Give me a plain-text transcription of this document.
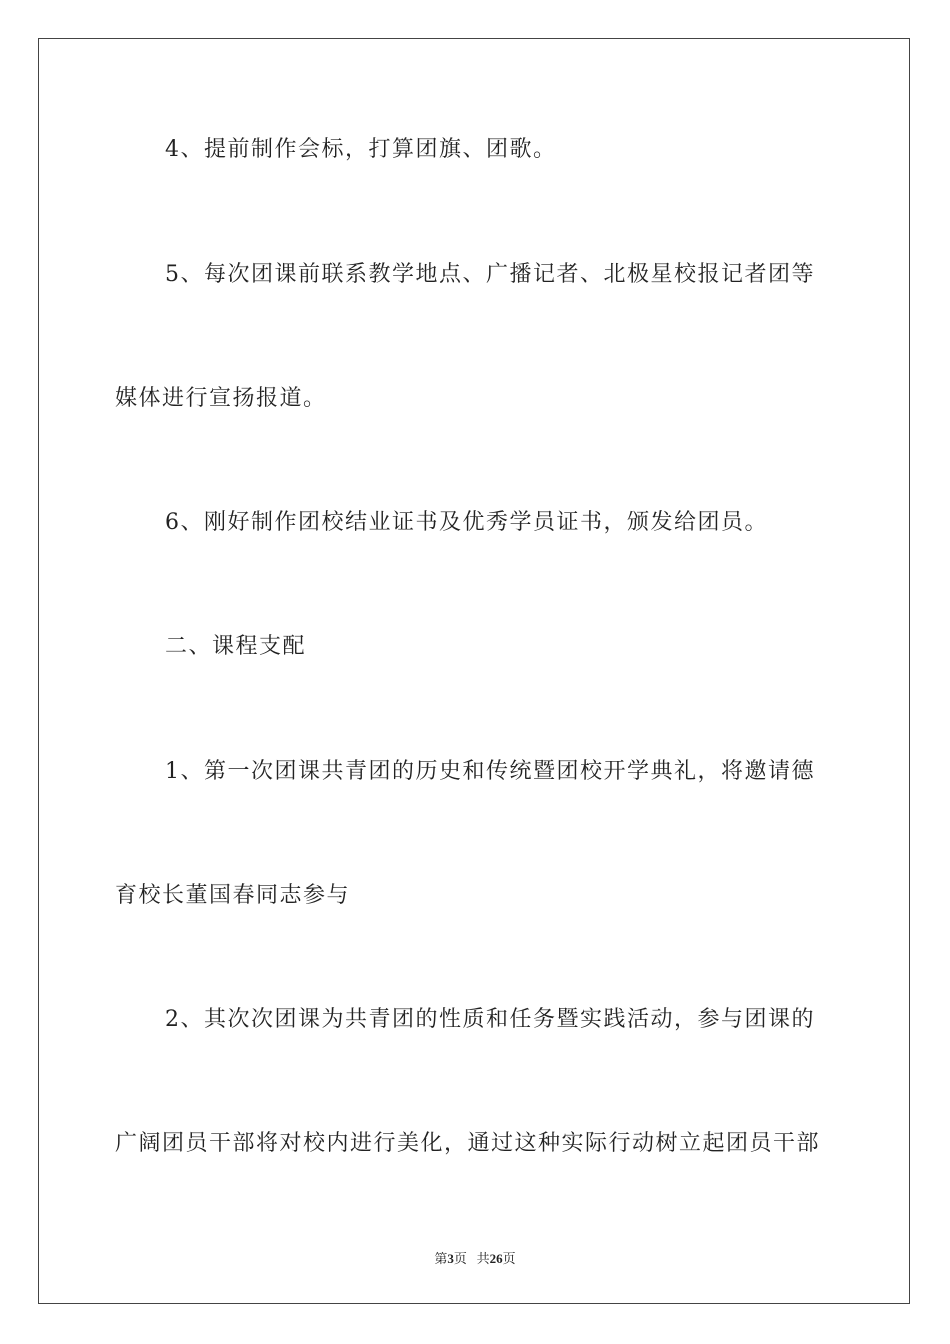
4、提前制作会标，打算团旗、团歌。
5、每次团课前联系教学地点、广播记者、北极星校报记者团等
媒体进行宣扬报道。
6、刚好制作团校结业证书及优秀学员证书，颁发给团员。
二、课程支配
1、第一次团课共青团的历史和传统暨团校开学典礼，将邀请德
育校长董国春同志参与
2、其次次团课为共青团的性质和任务暨实践活动，参与团课的
广阔团员干部将对校内进行美化，通过这种实际行动树立起团员干部
第3页 共26页
